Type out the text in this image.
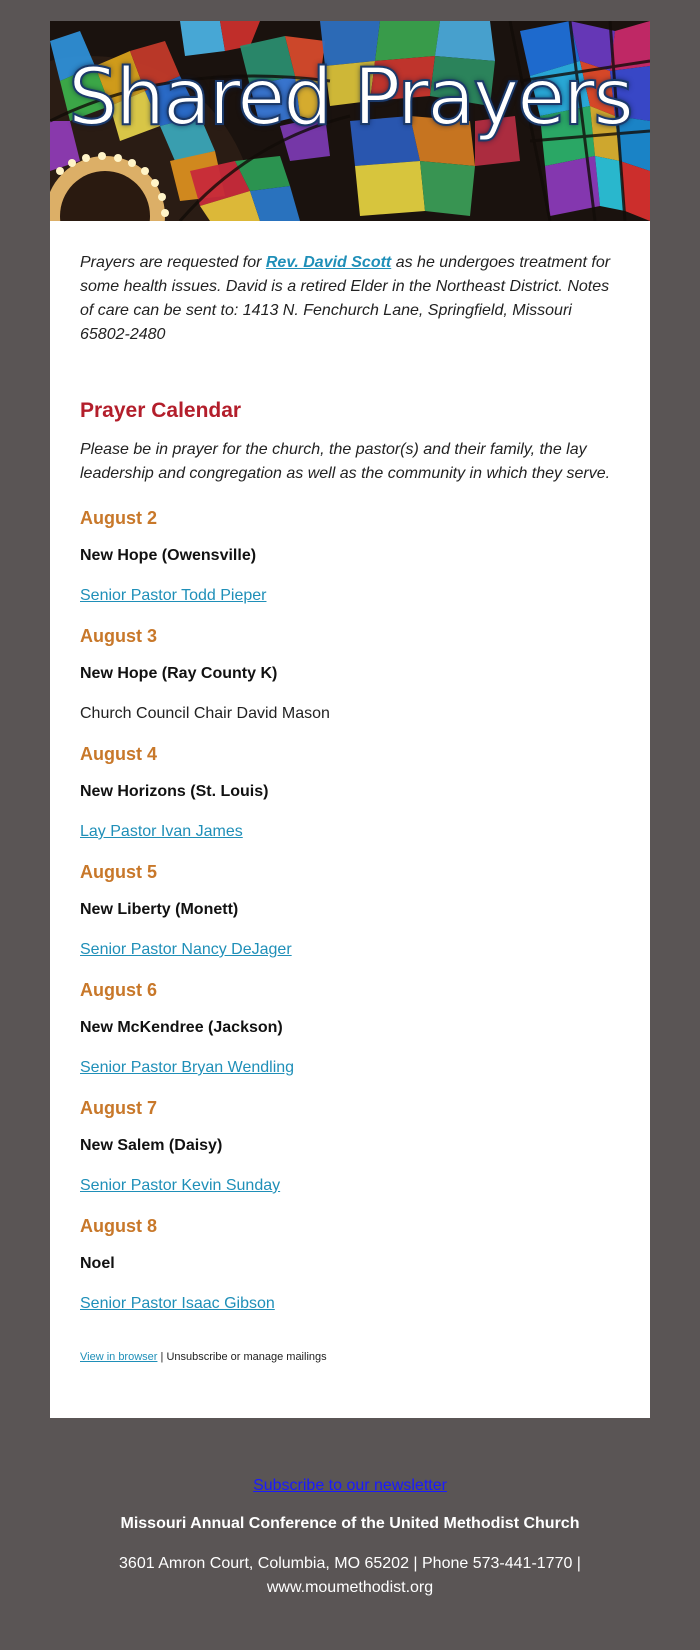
Shared Prayers

Prayers are requested for Rev. David Scott as he undergoes treatment for some health issues. David is a retired Elder in the Northeast District. Notes of care can be sent to: 1413 N. Fenchurch Lane, Springfield, Missouri 65802-2480

Prayer Calendar

Please be in prayer for the church, the pastor(s) and their family, the lay leadership and congregation as well as the community in which they serve.

August 2
New Hope (Owensville)
Senior Pastor Todd Pieper
August 3
New Hope (Ray County K)
Church Council Chair David Mason
August 4
New Horizons (St. Louis)
Lay Pastor Ivan James
August 5
New Liberty (Monett)
Senior Pastor Nancy DeJager
August 6
New McKendree (Jackson)
Senior Pastor Bryan Wendling
August 7
New Salem (Daisy)
Senior Pastor Kevin Sunday
August 8
Noel
Senior Pastor Isaac Gibson
View in browser | Unsubscribe or manage mailings
Subscribe to our newsletter
Missouri Annual Conference of the United Methodist Church
3601 Amron Court, Columbia, MO 65202 | Phone 573-441-1770 | www.moumethodist.org
